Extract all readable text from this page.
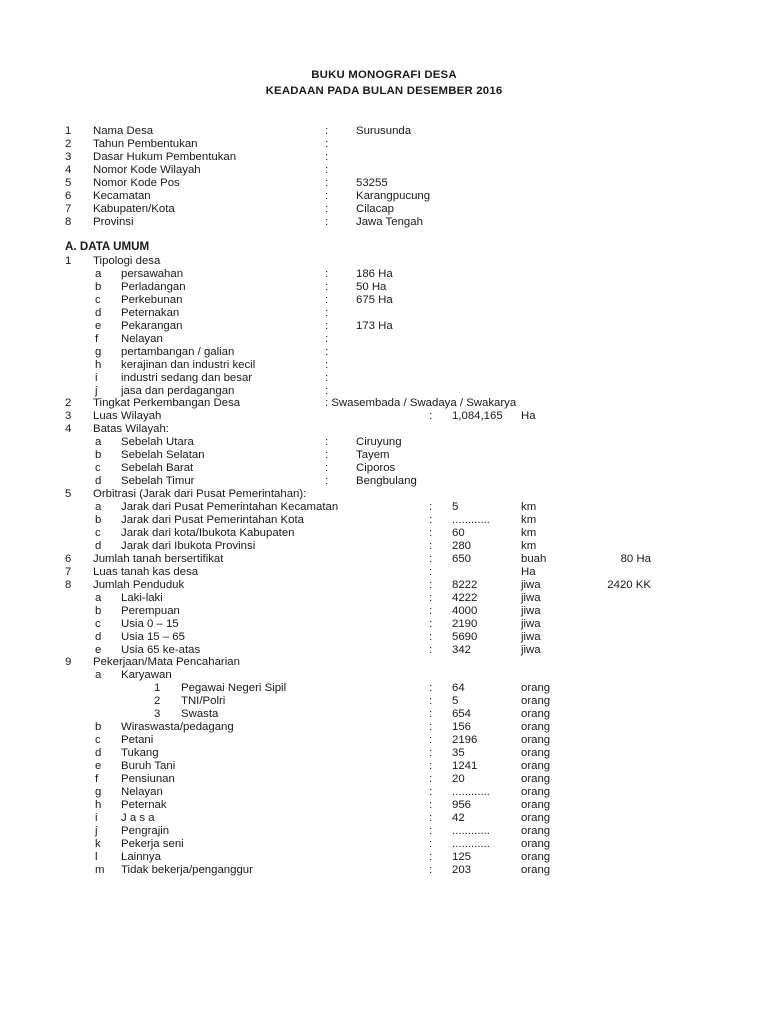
BUKU MONOGRAFI DESA
KEADAAN PADA BULAN DESEMBER 2016
1 Nama Desa	: Surusunda
2 Tahun Pembentukan	:
3 Dasar Hukum Pembentukan	:
4 Nomor Kode Wilayah	:
5 Nomor Kode Pos	: 53255
6 Kecamatan	: Karangpucung
7 Kabupaten/Kota	: Cilacap
8 Provinsi	: Jawa Tengah
A. DATA UMUM
1 Tipologi desa
a persawahan	: 186 Ha
b Perladangan	: 50 Ha
c Perkebunan	: 675 Ha
d Peternakan	:
e Pekarangan	: 173 Ha
f Nelayan	:
g pertambangan / galian	:
h kerajinan dan industri kecil	:
i industri sedang dan besar	:
j jasa dan perdagangan	:
2 Tingkat Perkembangan Desa	: Swasembada / Swadaya / Swakarya
3 Luas Wilayah	: 1,084,165 Ha
4 Batas Wilayah:
a Sebelah Utara	: Ciruyung
b Sebelah Selatan	: Tayem
c Sebelah Barat	: Ciporos
d Sebelah Timur	: Bengbulang
5 Orbitrasi (Jarak dari Pusat Pemerintahan):
a Jarak dari Pusat Pemerintahan Kecamatan	: 5	km
b Jarak dari Pusat Pemerintahan Kota	: ............	km
c Jarak dari kota/Ibukota Kabupaten	: 60	km
d Jarak dari Ibukota Provinsi	: 280	km
6 Jumlah tanah bersertifikat	: 650	buah	80 Ha
7 Luas tanah kas desa	:	Ha
8 Jumlah Penduduk	: 8222	jiwa	2420 KK
a Laki-laki	: 4222	jiwa
b Perempuan	: 4000	jiwa
c Usia 0 – 15	: 2190	jiwa
d Usia 15 – 65	: 5690	jiwa
e Usia 65 ke-atas	: 342	jiwa
9 Pekerjaan/Mata Pencaharian
a Karyawan
1 Pegawai Negeri Sipil	: 64	orang
2 TNI/Polri	: 5	orang
3 Swasta	: 654	orang
b Wiraswasta/pedagang	: 156	orang
c Petani	: 2196	orang
d Tukang	: 35	orang
e Buruh Tani	: 1241	orang
f Pensiunan	: 20	orang
g Nelayan	: ............	orang
h Peternak	: 956	orang
i J a s a	: 42	orang
j Pengrajin	: ............	orang
k Pekerja seni	: ............	orang
l Lainnya	: 125	orang
m Tidak bekerja/penganggur	: 203	orang
